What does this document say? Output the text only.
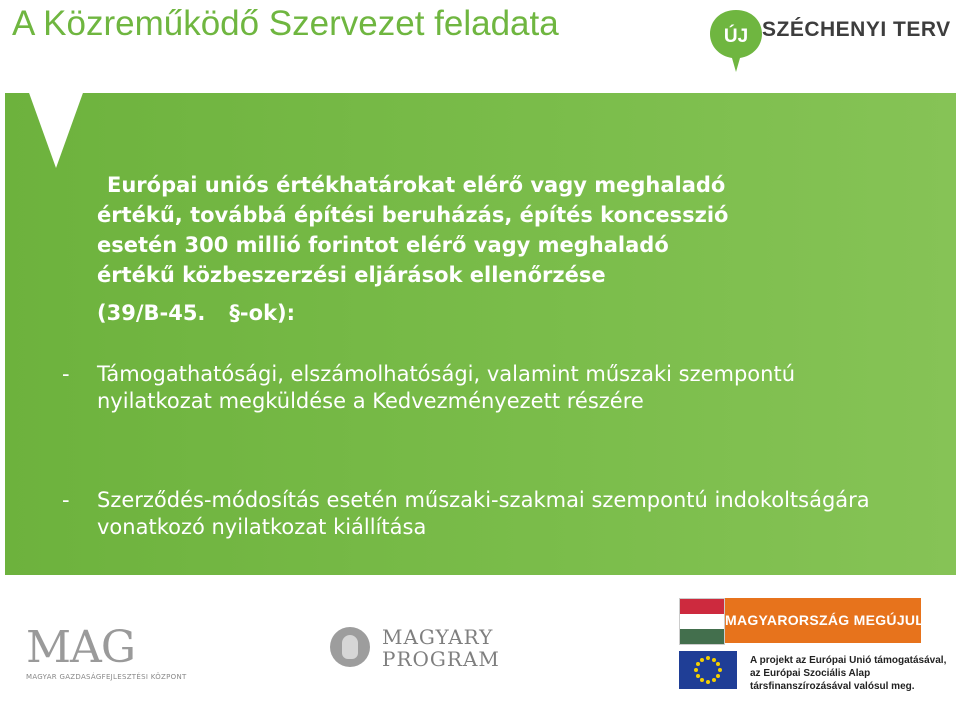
A Közreműködő Szervezet feladata	ÚJ SZÉCHENYI TERV
Európai uniós értékhatárokat elérő vagy meghaladó
értékű, továbbá építési beruházás, építés koncesszió
esetén 300 millió forintot elérő vagy meghaladó
értékű közbeszerzési eljárások ellenőrzése
(39/B-45. §-ok):
- Támogathatósági, elszámolhatósági, valamint műszaki szempontú nyilatkozat megküldése a Kedvezményezett részére
- Szerződés-módosítás esetén műszaki-szakmai szempontú indokoltságára vonatkozó nyilatkozat kiállítása
MAG
MAGYAR GAZDASÁGFEJLESZTÉSI KÖZPONT
MAGYARY
PROGRAM
MAGYARORSZÁG MEGÚJUL
A projekt az Európai Unió támogatásával,
az Európai Szociális Alap
társfinanszírozásával valósul meg.
